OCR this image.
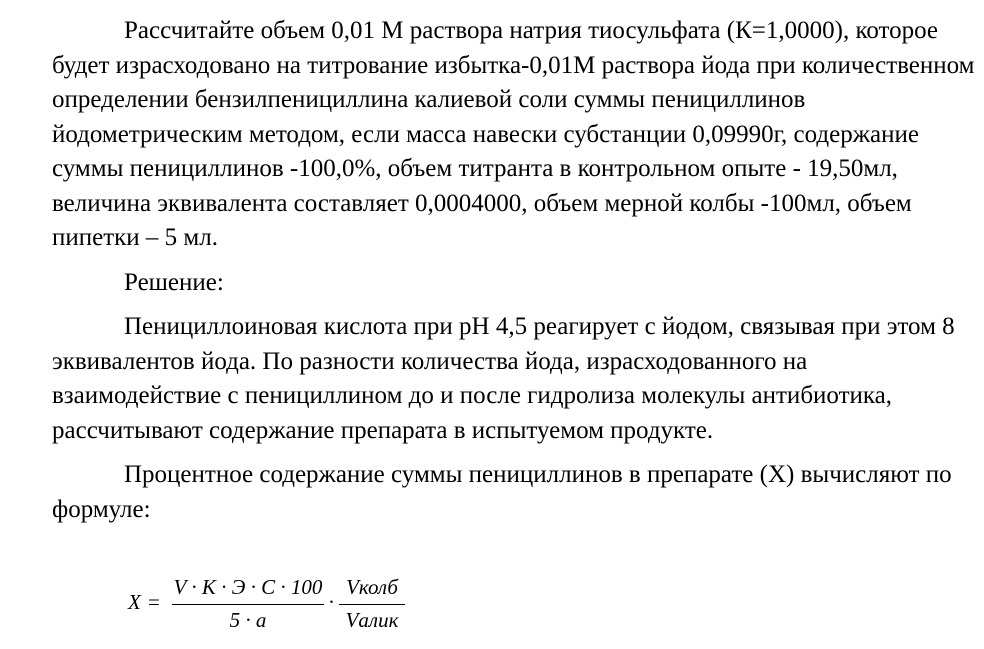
Рассчитайте объем 0,01 М раствора натрия тиосульфата (К=1,0000), которое будет израсходовано на титрование избытка-0,01М раствора йода при количественном определении бензилпенициллина калиевой соли суммы пенициллинов йодометрическим методом, если масса навески субстанции 0,09990г, содержание суммы пенициллинов -100,0%, объем титранта в контрольном опыте - 19,50мл, величина эквивалента составляет 0,0004000, объем мерной колбы -100мл, объем пипетки – 5 мл.

Решение:

Пенициллоиновая кислота при рН 4,5 реагирует с йодом, связывая при этом 8 эквивалентов йода. По разности количества йода, израсходованного на взаимодействие с пенициллином до и после гидролиза молекулы антибиотика, рассчитывают содержание препарата в испытуемом продукте.

Процентное содержание суммы пенициллинов в препарате (Х) вычисляют по формуле:

X =
V · K · Э · C · 100
5 · a
·
Vколб
Vалик
